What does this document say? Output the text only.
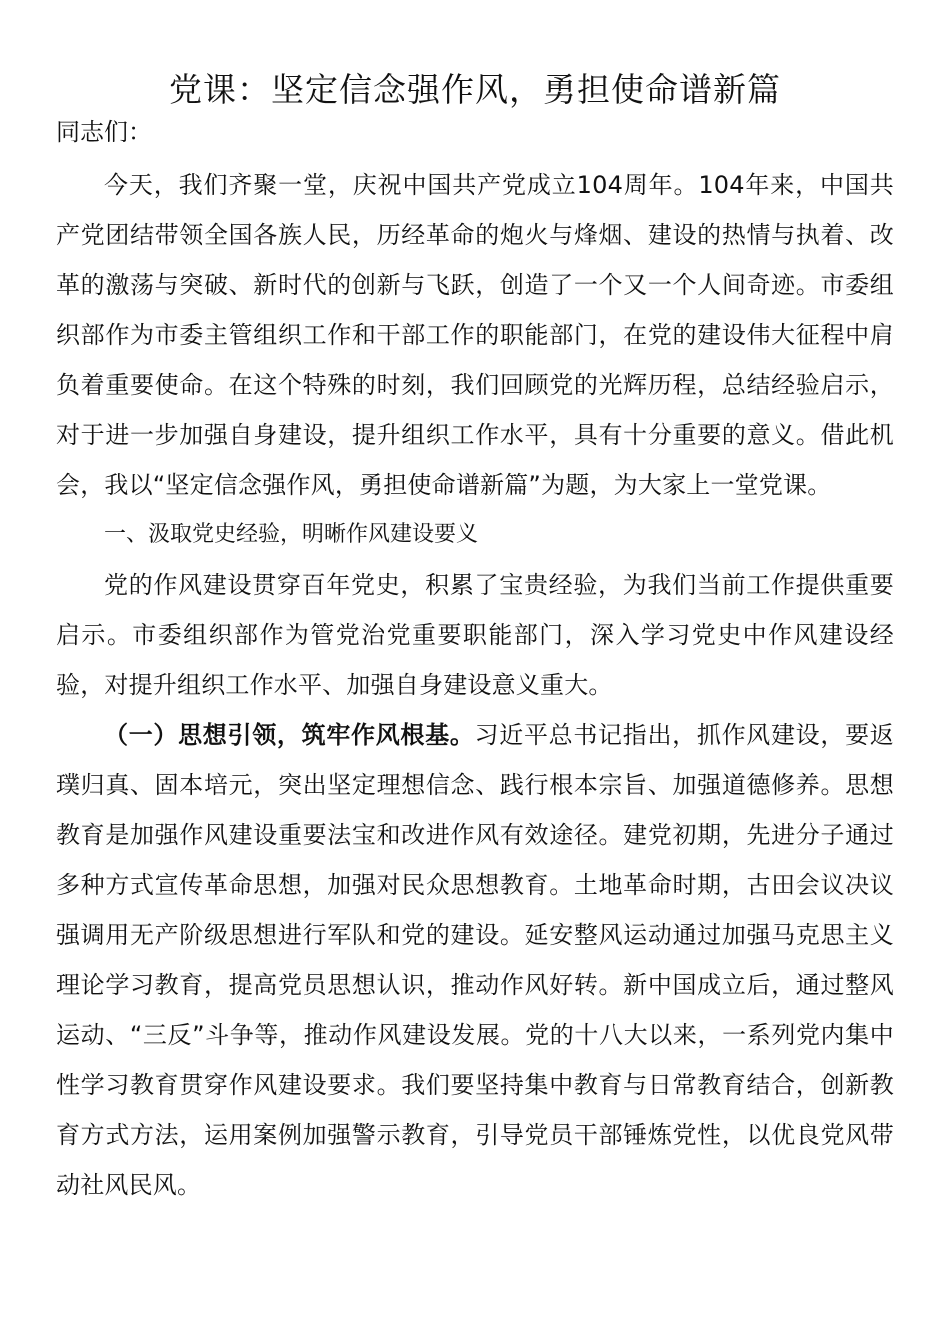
党课：坚定信念强作风，勇担使命谱新篇

同志们：

今天，我们齐聚一堂，庆祝中国共产党成立104周年。104年来，中国共产党团结带领全国各族人民，历经革命的炮火与烽烟、建设的热情与执着、改革的激荡与突破、新时代的创新与飞跃，创造了一个又一个人间奇迹。市委组织部作为市委主管组织工作和干部工作的职能部门，在党的建设伟大征程中肩负着重要使命。在这个特殊的时刻，我们回顾党的光辉历程，总结经验启示，对于进一步加强自身建设，提升组织工作水平，具有十分重要的意义。借此机会，我以“坚定信念强作风，勇担使命谱新篇”为题，为大家上一堂党课。

一、汲取党史经验，明晰作风建设要义

党的作风建设贯穿百年党史，积累了宝贵经验，为我们当前工作提供重要启示。市委组织部作为管党治党重要职能部门，深入学习党史中作风建设经验，对提升组织工作水平、加强自身建设意义重大。

（一）思想引领，筑牢作风根基。习近平总书记指出，抓作风建设，要返璞归真、固本培元，突出坚定理想信念、践行根本宗旨、加强道德修养。思想教育是加强作风建设重要法宝和改进作风有效途径。建党初期，先进分子通过多种方式宣传革命思想，加强对民众思想教育。土地革命时期，古田会议决议强调用无产阶级思想进行军队和党的建设。延安整风运动通过加强马克思主义理论学习教育，提高党员思想认识，推动作风好转。新中国成立后，通过整风运动、“三反”斗争等，推动作风建设发展。党的十八大以来，一系列党内集中性学习教育贯穿作风建设要求。我们要坚持集中教育与日常教育结合，创新教育方式方法，运用案例加强警示教育，引导党员干部锤炼党性，以优良党风带动社风民风。
